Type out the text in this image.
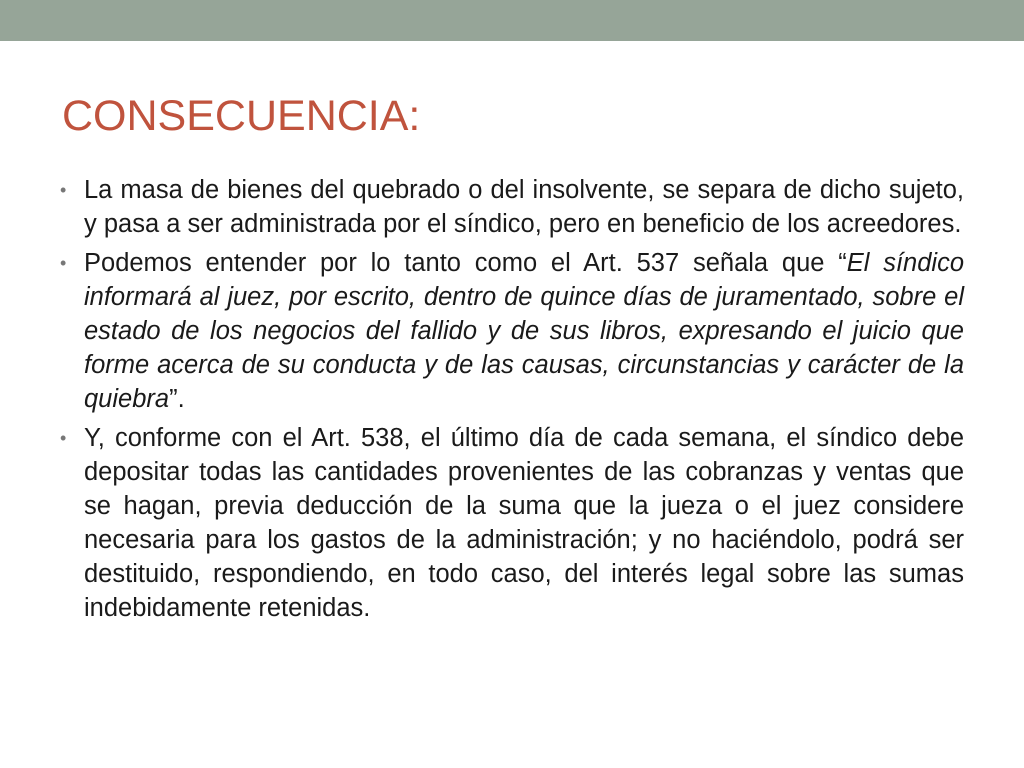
CONSECUENCIA:
• La masa de bienes del quebrado o del insolvente, se separa de dicho sujeto, y pasa a ser administrada por el síndico, pero en beneficio de los acreedores.
• Podemos entender por lo tanto como el Art. 537 señala que “El síndico informará al juez, por escrito, dentro de quince días de juramentado, sobre el estado de los negocios del fallido y de sus libros, expresando el juicio que forme acerca de su conducta y de las causas, circunstancias y carácter de la quiebra”.
• Y, conforme con el Art. 538, el último día de cada semana, el síndico debe depositar todas las cantidades provenientes de las cobranzas y ventas que se hagan, previa deducción de la suma que la jueza o el juez considere necesaria para los gastos de la administración; y no haciéndolo, podrá ser destituido, respondiendo, en todo caso, del interés legal sobre las sumas indebidamente retenidas.
